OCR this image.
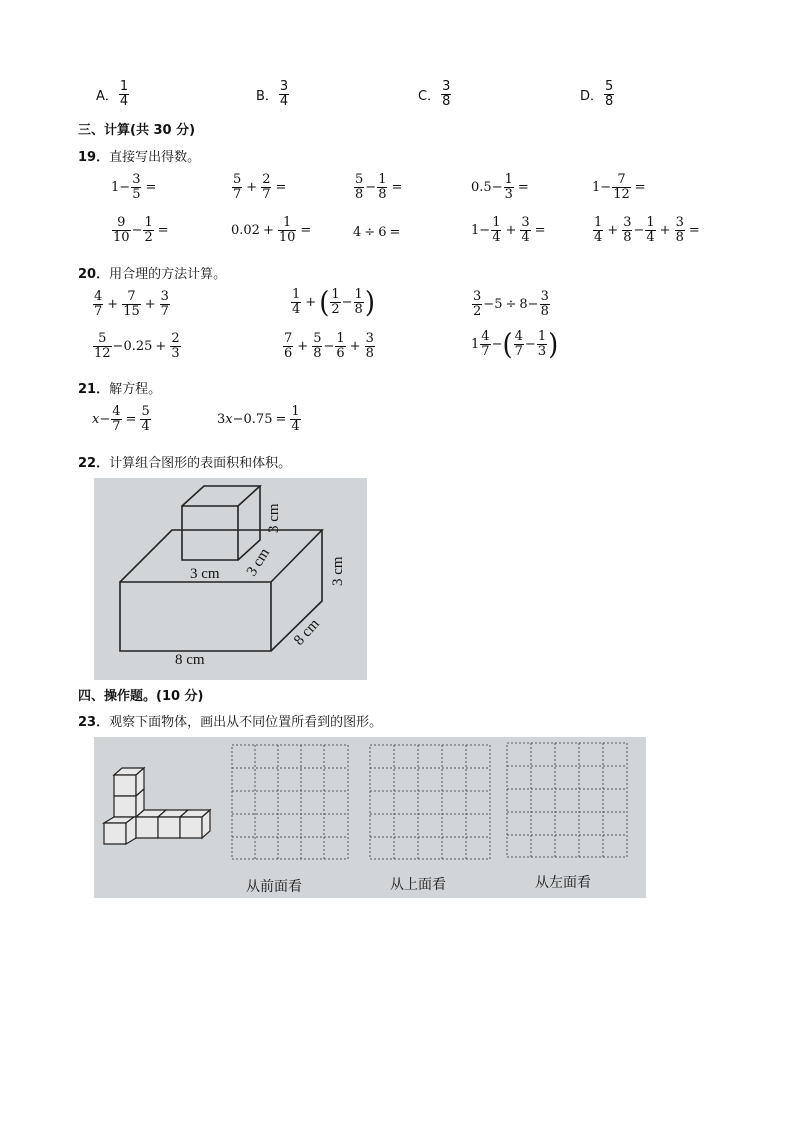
A． $\frac{1}{4}$	B． $\frac{3}{4}$	C． $\frac{3}{8}$	D． $\frac{5}{8}$
三、计算(共 30 分)
19．直接写出得数。
$1 - \frac{3}{5}$ =	$\frac{5}{7} + \frac{2}{7}$ =	$\frac{5}{8} - \frac{1}{8}$ =	$0.5 - \frac{1}{3}$ =	$1 - \frac{7}{12}$ =
$\frac{9}{10} - \frac{1}{2}$ =	$0.02 + \frac{1}{10}$ =	4 ÷ 6 =	$1 - \frac{1}{4} + \frac{3}{4}$ =	$\frac{1}{4} + \frac{3}{8} - \frac{1}{4} + \frac{3}{8}$ =
20．用合理的方法计算。
$\frac{4}{7} + \frac{7}{15} + \frac{3}{7}$	$\frac{1}{4}$ + ( $\frac{1}{2} - \frac{1}{8}$ )	$\frac{3}{2} - 5 \div 8 - \frac{3}{8}$
$\frac{5}{12} - 0.25 + \frac{2}{3}$	$\frac{7}{6} + \frac{5}{8} - \frac{1}{6} + \frac{3}{8}$	$1 \frac{4}{7}$ − ( $\frac{4}{7} - \frac{1}{3}$ )
21．解方程。
$x - \frac{4}{7} = \frac{5}{4}$	3 $x - 0.75 = \frac{1}{4}$
22．计算组合图形的表面积和体积。
3 cm 3 cm
3 cm
3 cm
8 cm
8 cm
四、操作题。(10 分)
23．观察下面物体，画出从不同位置所看到的图形。
从前面看	从上面看	从左面看
